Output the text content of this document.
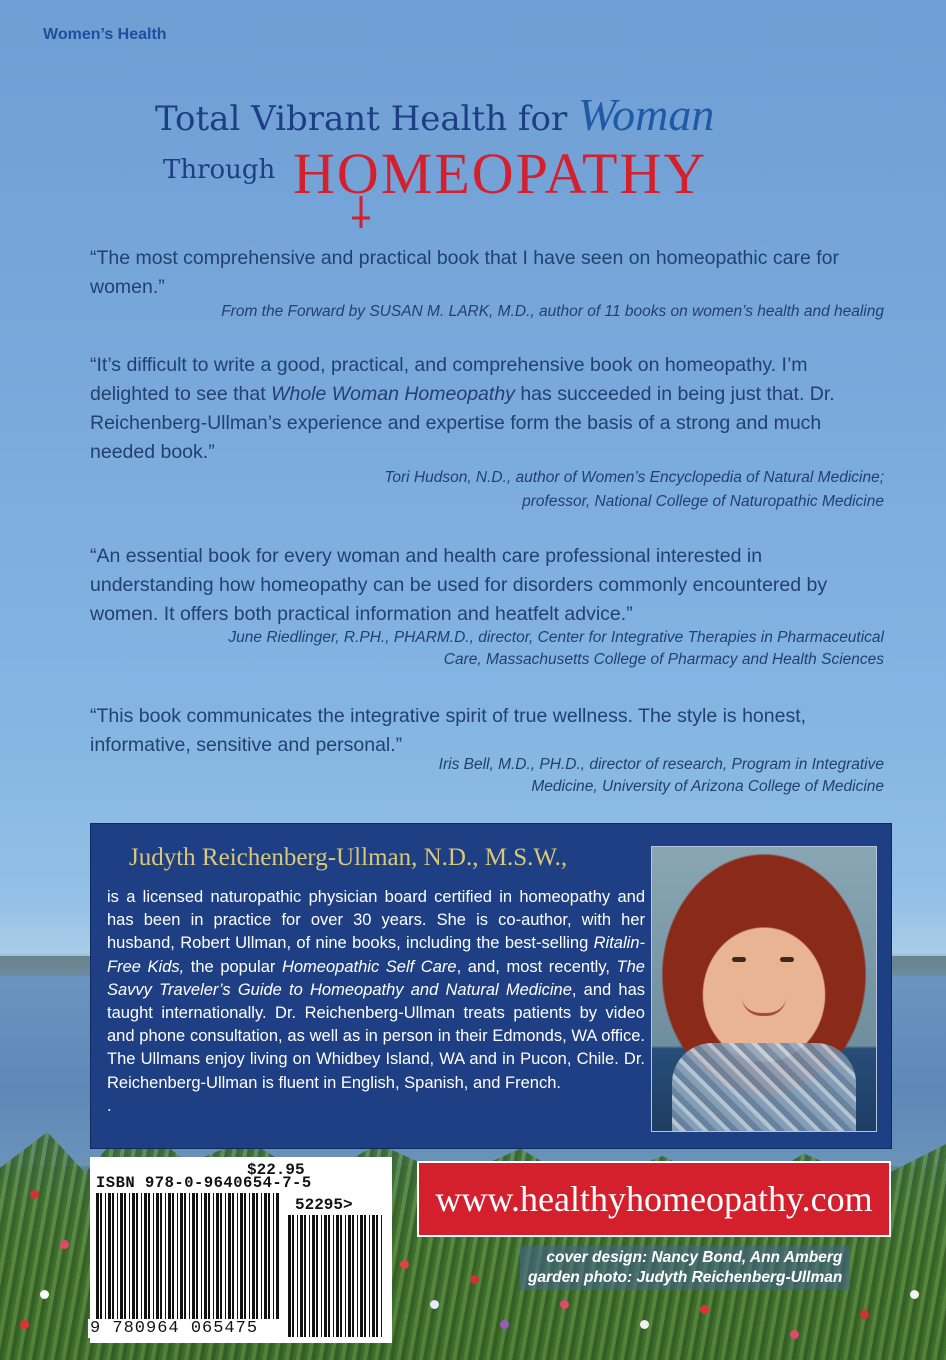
Women’s Health
Total Vibrant Health for Woman
Through HOMEOPATHY
“The most comprehensive and practical book that I have seen on homeopathic care for women.”
From the Forward by SUSAN M. LARK, M.D., author of 11 books on women’s health and healing
“It’s difficult to write a good, practical, and comprehensive book on homeopathy. I’m delighted to see that Whole Woman Homeopathy has succeeded in being just that. Dr. Reichenberg-Ullman’s experience and expertise form the basis of a strong and much needed book.”
Tori Hudson, N.D., author of Women’s Encyclopedia of Natural Medicine;
professor, National College of Naturopathic Medicine
“An essential book for every woman and health care professional interested in understanding how homeopathy can be used for disorders commonly encountered by women. It offers both practical information and heatfelt advice.”
June Riedlinger, R.PH., PHARM.D., director, Center for Integrative Therapies in Pharmaceutical
Care, Massachusetts College of Pharmacy and Health Sciences
“This book communicates the integrative spirit of true wellness. The style is honest, informative, sensitive and personal.”
Iris Bell, M.D., PH.D., director of research, Program in Integrative
Medicine, University of Arizona College of Medicine
Judyth Reichenberg-Ullman, N.D., M.S.W.,
is a licensed naturopathic physician board certified in homeopathy and has been in practice for over 30 years. She is co-author, with her husband, Robert Ullman, of nine books, including the best-selling Ritalin-Free Kids, the popular Homeopathic Self Care, and, most recently, The Savvy Traveler’s Guide to Homeopathy and Natural Medicine, and has taught internationally. Dr. Reichenberg-Ullman treats patients by video and phone consultation, as well as in person in their Edmonds, WA office. The Ullmans enjoy living on Whidbey Island, WA and in Pucon, Chile. Dr. Reichenberg-Ullman is fluent in English, Spanish, and French.
.
$22.95
ISBN 978-0-9640654-7-5
52295>
9 780964 065475
www.healthyhomeopathy.com
cover design: Nancy Bond, Ann Amberg
garden photo: Judyth Reichenberg-Ullman
